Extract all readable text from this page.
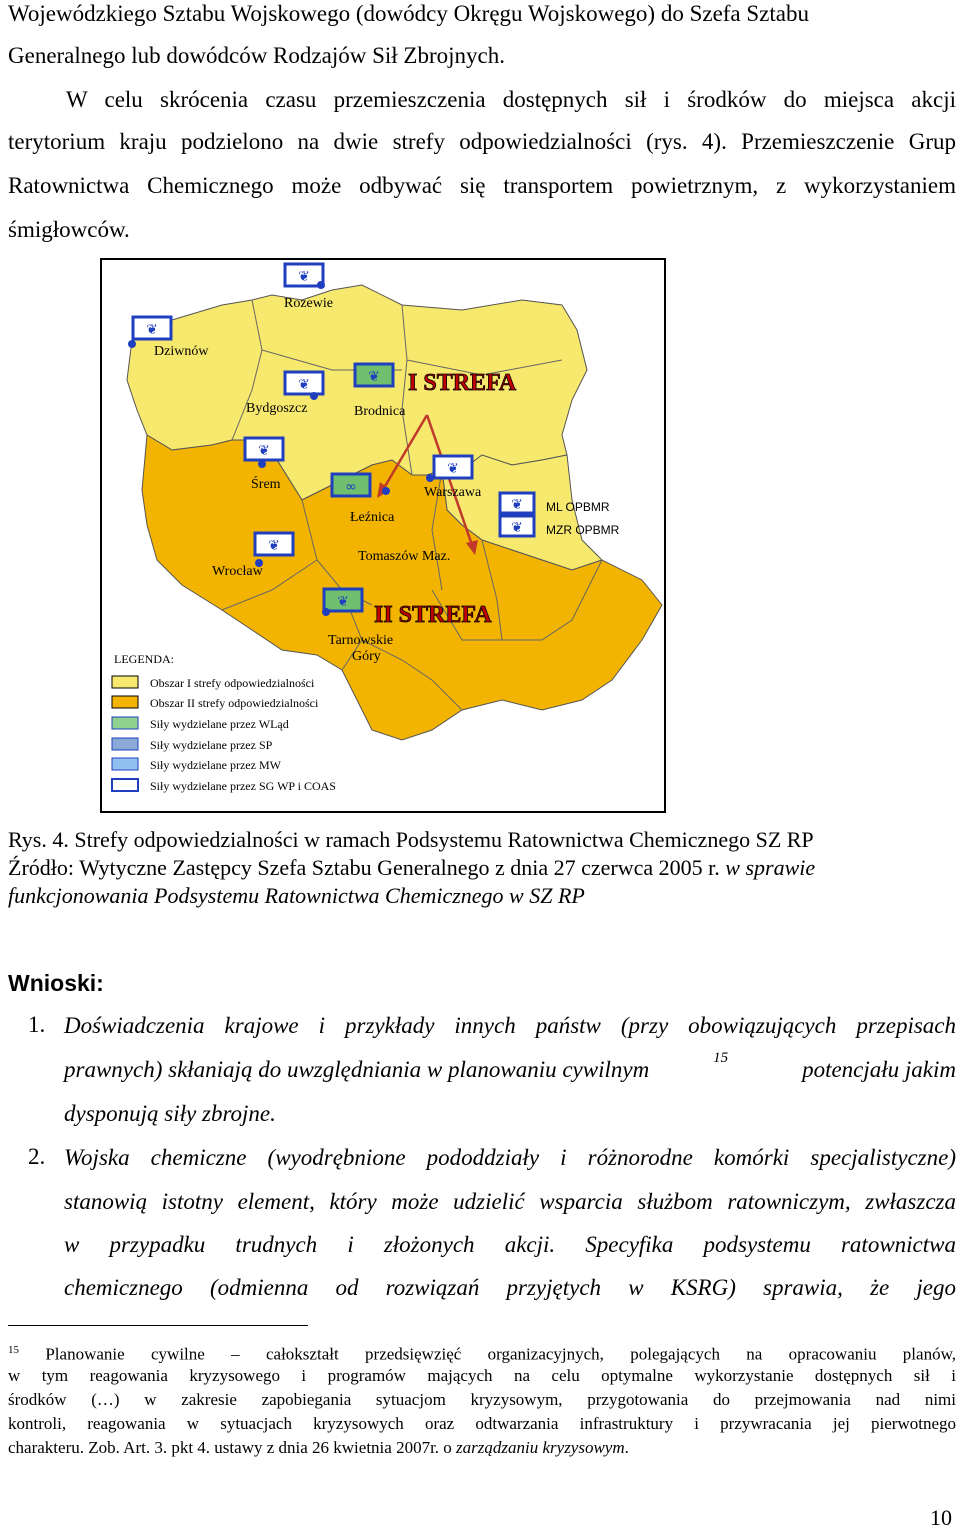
Wojewódzkiego Sztabu Wojskowego (dowódcy Okręgu Wojskowego) do Szefa Sztabu
Generalnego lub dowódców Rodzajów Sił Zbrojnych.
W celu skrócenia czasu przemieszczenia dostępnych sił i środków do miejsca akcji
terytorium kraju podzielono na dwie strefy odpowiedzialności (rys. 4). Przemieszczenie Grup
Ratownictwa Chemicznego może odbywać się transportem powietrznym, z wykorzystaniem
śmigłowców.
❦
❦
❦	❦
❦
∞
❦
❦
❦
❦
❦
Rozewie
Dziwnów
Bydgoszcz	Brodnica
Śrem
Łeźnica
Warszawa
Tomaszów Maz.
Wrocław
Tarnowskie
Góry
ML OPBMR
MZR OPBMR
I STREFA
II STREFA
LEGENDA:
Obszar I strefy odpowiedzialności
Obszar II strefy odpowiedzialności
Siły wydzielane przez WLąd
Siły wydzielane przez SP
Siły wydzielane przez MW
Siły wydzielane przez SG WP i COAS
Rys. 4. Strefy odpowiedzialności w ramach Podsystemu Ratownictwa Chemicznego SZ RP
Źródło: Wytyczne Zastępcy Szefa Sztabu Generalnego z dnia 27 czerwca 2005 r. w sprawie
funkcjonowania Podsystemu Ratownictwa Chemicznego w SZ RP
Wnioski:
1. Doświadczenia krajowe i przykłady innych państw (przy obowiązujących przepisach
prawnych) skłaniają do uwzględniania w planowaniu cywilnym	15	potencjału jakim
dysponują siły zbrojne.
2. Wojska chemiczne (wyodrębnione pododdziały i różnorodne komórki specjalistyczne)
stanowią istotny element, który może udzielić wsparcia służbom ratowniczym, zwłaszcza
w przypadku trudnych i złożonych akcji. Specyfika podsystemu ratownictwa
chemicznego (odmienna od rozwiązań przyjętych w KSRG) sprawia, że jego
$^{15}$ Planowanie cywilne – całokształt przedsięwzięć organizacyjnych, polegających na opracowaniu planów,
w tym reagowania kryzysowego i programów mających na celu optymalne wykorzystanie dostępnych sił i
środków (…) w zakresie zapobiegania sytuacjom kryzysowym, przygotowania do przejmowania nad nimi
kontroli, reagowania w sytuacjach kryzysowych oraz odtwarzania infrastruktury i przywracania jej pierwotnego
charakteru. Zob. Art. 3. pkt 4. ustawy z dnia 26 kwietnia 2007r. o zarządzaniu kryzysowym.
10
